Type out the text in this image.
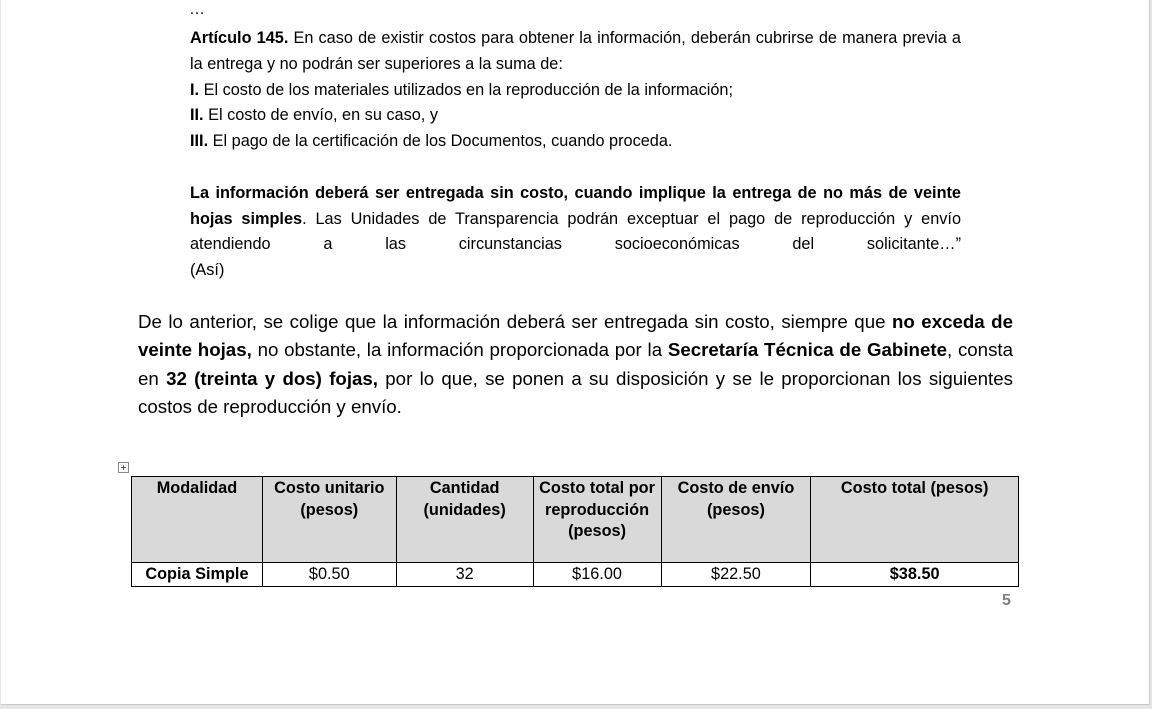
…

Artículo 145. En caso de existir costos para obtener la información, deberán cubrirse de manera previa a la entrega y no podrán ser superiores a la suma de:

I. El costo de los materiales utilizados en la reproducción de la información;

II. El costo de envío, en su caso, y

III. El pago de la certificación de los Documentos, cuando proceda.

La información deberá ser entregada sin costo, cuando implique la entrega de no más de veinte hojas simples. Las Unidades de Transparencia podrán exceptuar el pago de reproducción y envío atendiendo a las circunstancias socioeconómicas del solicitante…”

(Así)

De lo anterior, se colige que la información deberá ser entregada sin costo, siempre que no exceda de veinte hojas, no obstante, la información proporcionada por la Secretaría Técnica de Gabinete, consta en 32 (treinta y dos) fojas, por lo que, se ponen a su disposición y se le proporcionan los siguientes costos de reproducción y envío.

Modalidad	Costo unitario (pesos)	Cantidad (unidades)	Costo total por reproducción (pesos)	Costo de envío (pesos)	Costo total (pesos)
Copia Simple	$0.50	32	$16.00	$22.50	$38.50
5
